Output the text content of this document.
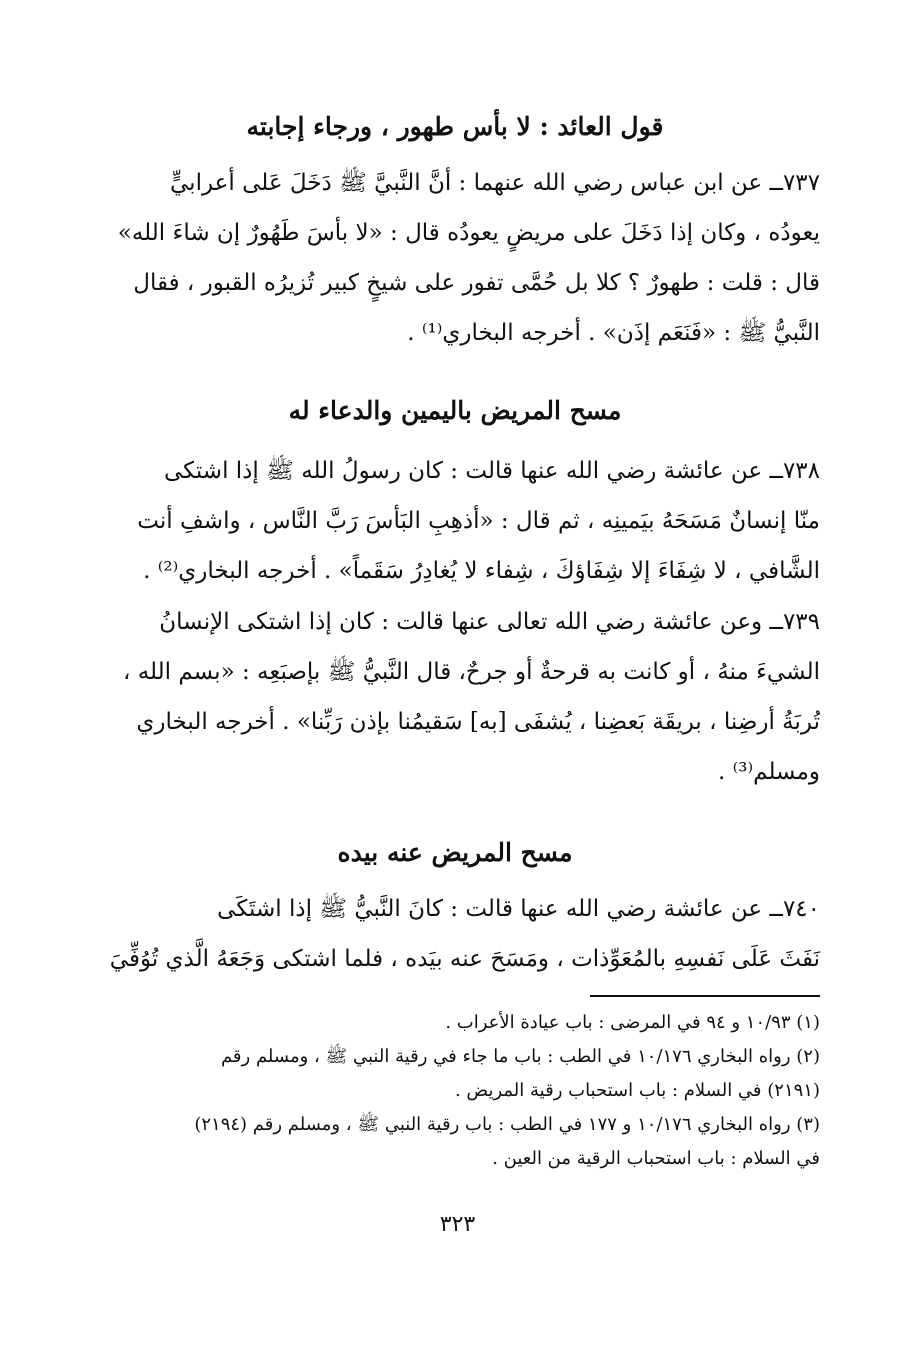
قول العائد : لا بأس طهور ، ورجاء إجابته

٧٣٧ــ عن ابن عباس رضي الله عنهما : أنَّ النَّبيَّ ﷺ دَخَلَ عَلى أعرابيٍّ

يعودُه ، وكان إذا دَخَلَ على مريضٍ يعودُه قال : «لا بأسَ طَهُورٌ إن شاءَ الله»

قال : قلت : طهورٌ ؟ كلا بل حُمَّى تفور على شيخٍ كبير تُزيرُه القبور ، فقال

النَّبيُّ ﷺ : «فَنَعَم إذَن» . أخرجه البخاري⁽¹⁾ .

مسح المريض باليمين والدعاء له

٧٣٨ــ عن عائشة رضي الله عنها قالت : كان رسولُ الله ﷺ إذا اشتكى

منّا إنسانٌ مَسَحَهُ بيَمينِه ، ثم قال : «أذهِبِ البَأسَ رَبَّ النَّاس ، واشفِ أنت

الشَّافي ، لا شِفَاءَ إلا شِفَاؤكَ ، شِفاء لا يُغادِرُ سَقَماً» . أخرجه البخاري⁽²⁾ .

٧٣٩ــ وعن عائشة رضي الله تعالى عنها قالت : كان إذا اشتكى الإنسانُ

الشيءَ منهُ ، أو كانت به قرحةٌ أو جرحٌ، قال النَّبيُّ ﷺ بإصبَعِه : «بسم الله ،

تُربَةُ أرضِنا ، بريقَة بَعضِنا ، يُشفَى [به] سَقيمُنا بإذن رَبِّنا» . أخرجه البخاري

ومسلم⁽³⁾ .

مسح المريض عنه بيده

٧٤٠ــ عن عائشة رضي الله عنها قالت : كانَ النَّبيُّ ﷺ إذا اشتَكَى

نَفَثَ عَلَى نَفسِهِ بالمُعَوِّذات ، ومَسَحَ عنه بيَده ، فلما اشتكى وَجَعَهُ الَّذي تُوُفِّيَ

(١) ١٠/٩٣ و ٩٤ في المرضى : باب عيادة الأعراب .

(٢) رواه البخاري ١٠/١٧٦ في الطب : باب ما جاء في رقية النبي ﷺ ، ومسلم رقم

(٢١٩١) في السلام : باب استحباب رقية المريض .

(٣) رواه البخاري ١٠/١٧٦ و ١٧٧ في الطب : باب رقية النبي ﷺ ، ومسلم رقم (٢١٩٤)

في السلام : باب استحباب الرقية من العين .

٣٢٣
